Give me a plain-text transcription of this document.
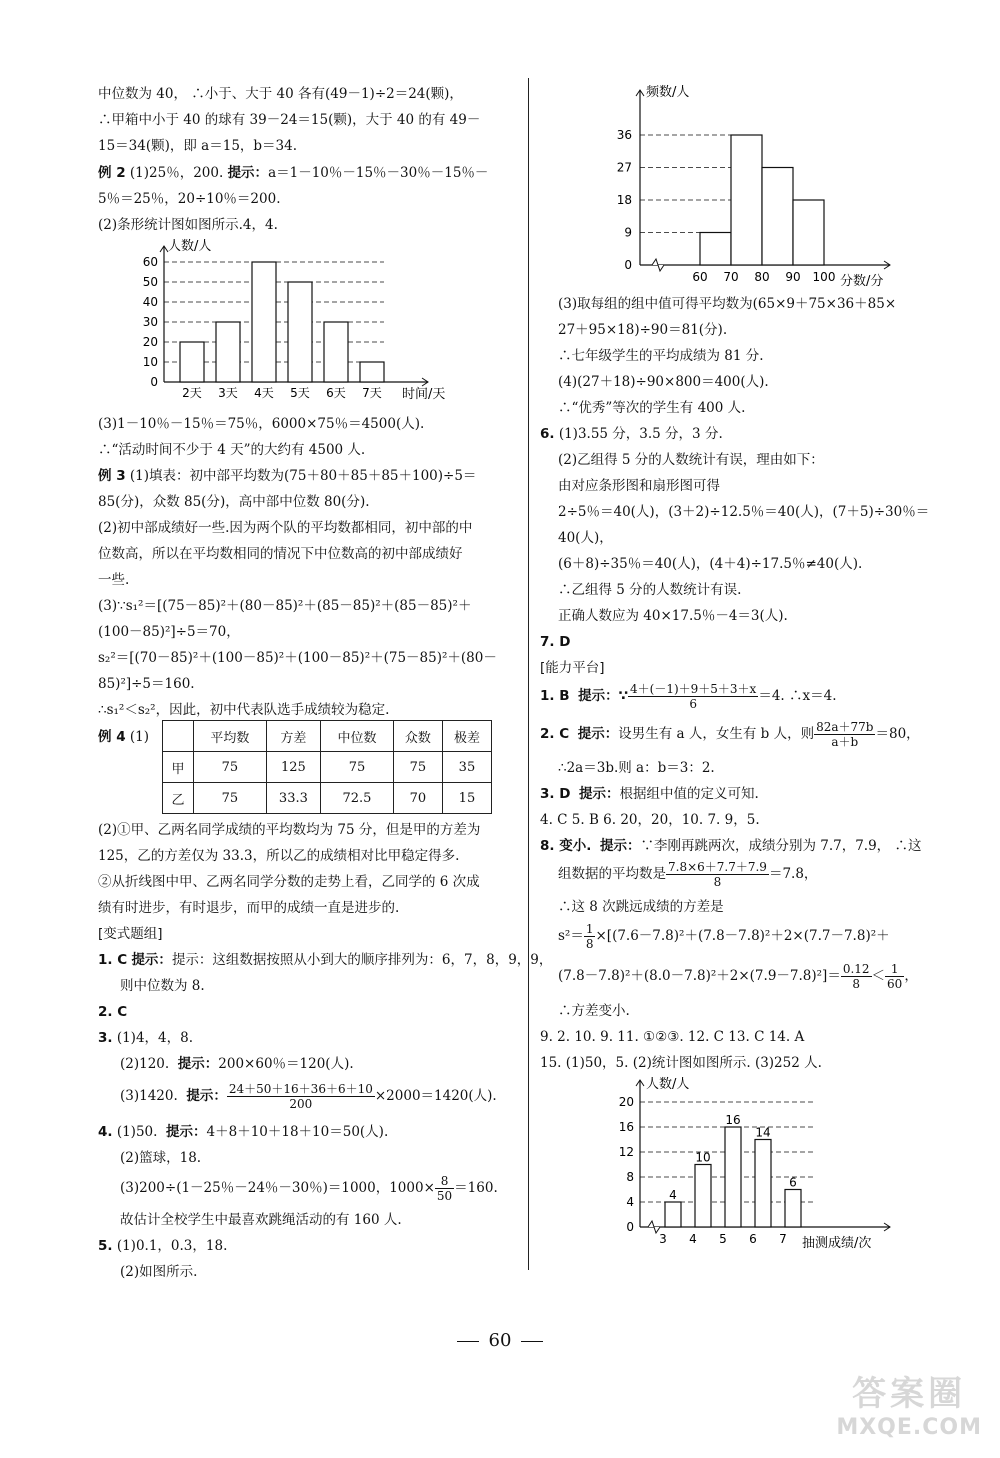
中位数为 40， ∴小于、大于 40 各有(49－1)÷2＝24(颗)，
∴甲箱中小于 40 的球有 39－24＝15(颗)，大于 40 的有 49－
15＝34(颗)，即 a＝15，b＝34.
例 2 (1)25％，200. 提示：a＝1－10％－15％－30％－15％－
5％＝25％，20÷10％＝200.
(2)条形统计图如图所示.4，4.
0
10
20
30
40
50
60
2天 3天 4天 5天 6天 7天
人数/人
时间/天
(3)1－10％－15％＝75％，6000×75％＝4500(人).
∴“活动时间不少于 4 天”的大约有 4500 人.
例 3 (1)填表：初中部平均数为(75＋80＋85＋85＋100)÷5＝
85(分)，众数 85(分)，高中部中位数 80(分).
(2)初中部成绩好一些.因为两个队的平均数都相同，初中部的中
位数高，所以在平均数相同的情况下中位数高的初中部成绩好
一些.
(3)∵s₁²＝[(75－85)²＋(80－85)²＋(85－85)²＋(85－85)²＋
(100－85)²]÷5＝70，
s₂²＝[(70－85)²＋(100－85)²＋(100－85)²＋(75－85)²＋(80－
85)²]÷5＝160.
∴s₁²＜s₂²，因此，初中代表队选手成绩较为稳定.
例 4 (1)
		平均数	方差	中位数	众数	极差
甲	75	125	75	75	35
乙	75	33.3	72.5	70	15
(2)①甲、乙两名同学成绩的平均数均为 75 分，但是甲的方差为
125，乙的方差仅为 33.3，所以乙的成绩相对比甲稳定得多.
②从折线图中甲、乙两名同学分数的走势上看，乙同学的 6 次成
绩有时进步，有时退步，而甲的成绩一直是进步的.
[变式题组]
1. C 提示：提示：这组数据按照从小到大的顺序排列为：6，7，8，9，9，
则中位数为 8.
2. C
3. (1)4，4，8.
(2)120. 提示：200×60％＝120(人).
(3)1420. 提示： $\frac{24+50+16+36+6+10}{200} \times 2000=1420$(人).
4. (1)50. 提示：4＋8＋10＋18＋10＝50(人).
(2)篮球，18.
(3)200÷(1－25％－24％－30％)＝1000，$1000\times \frac{8}{50} =160$.
故估计全校学生中最喜欢跳绳活动的有 160 人.
5. (1)0.1，0.3，18.
(2)如图所示.
0
9
18
27
36
60 70 80 90 100
频数/人
分数/分
(3)取每组的组中值可得平均数为(65×9＋75×36＋85×
27＋95×18)÷90＝81(分).
∴七年级学生的平均成绩为 81 分.
(4)(27＋18)÷90×800＝400(人).
∴“优秀”等次的学生有 400 人.
6. (1)3.55 分，3.5 分，3 分.
(2)乙组得 5 分的人数统计有误，理由如下：
由对应条形图和扇形图可得
2÷5％＝40(人)，(3＋2)÷12.5％＝40(人)，(7＋5)÷30％＝
40(人)，
(6＋8)÷35％＝40(人)，(4＋4)÷17.5％≠40(人).
∴乙组得 5 分的人数统计有误.
正确人数应为 40×17.5％－4＝3(人).
7. D
[能力平台]
1. B 提示：∵ $\frac{4+(-1)+9+5+3+x}{6} =4$. ∴x＝4.
2. C 提示：设男生有 a 人，女生有 b 人，则 $\frac{82a+77b}{a+b} =80$，
∴2a＝3b.则 a：b＝3：2.
3. D 提示：根据组中值的定义可知.
4. C 5. B 6. 20，20，10. 7. 9，5.
8. 变小. 提示：∵李刚再跳两次，成绩分别为 7.7，7.9， ∴这
组数据的平均数是 $\frac{7.8\times 6+7.7+7.9}{8} =7.8$，
∴这 8 次跳远成绩的方差是
$s^2= \frac{1}{8} \times[(7.6-7.8)^2+(7.8-7.8)^2+2\times(7.7-7.8)^2+$
$(7.8-7.8)^2+(8.0-7.8)^2+2\times(7.9-7.8)^2]= \frac{0.12}{8} < \frac{1}{60}$ ，
∴方差变小.
9. 2. 10. 9. 11. ①②③. 12. C 13. C 14. A
15. (1)50，5. (2)统计图如图所示. (3)252 人.
0
4
8
12
16
20
4
3
10
4
16
5
14
6
6
7
人数/人
抽测成绩/次
60
答案圈
MXQE.COM
